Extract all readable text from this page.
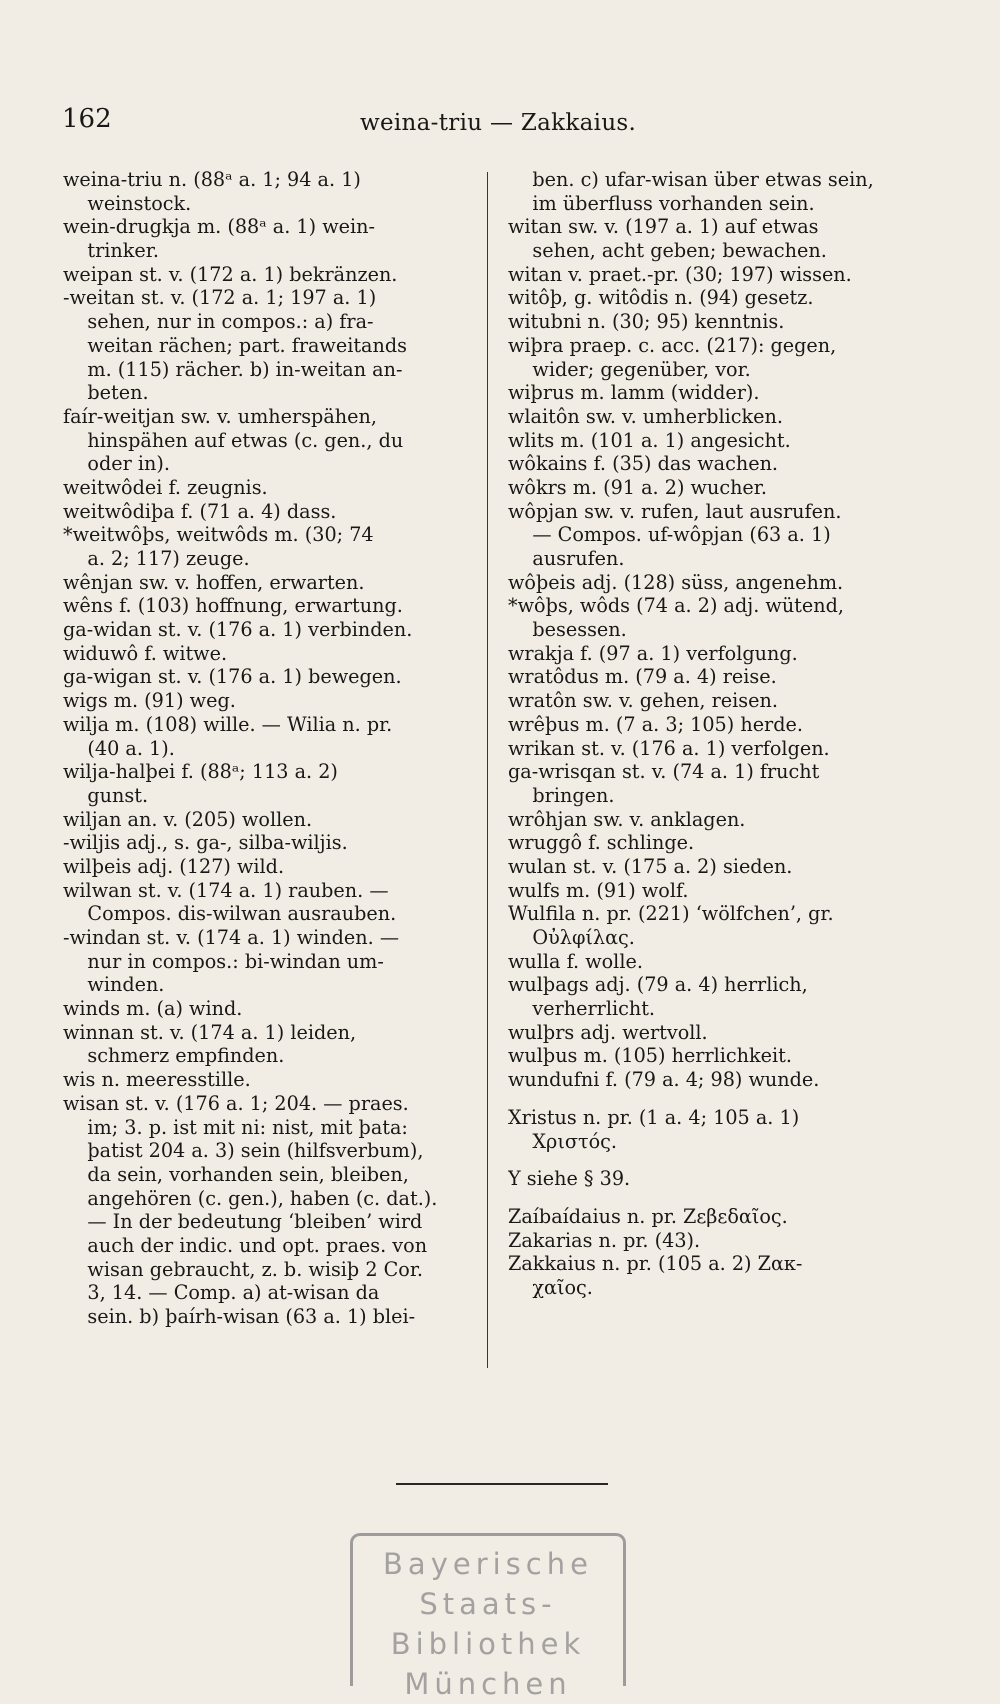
162	weina-triu — Zakkaius.
weina-triu n. (88ᵃ a. 1; 94 a. 1)
weinstock.
wein-drugkja m. (88ᵃ a. 1) wein-
trinker.
weipan st. v. (172 a. 1) bekränzen.
-weitan st. v. (172 a. 1; 197 a. 1)
sehen, nur in compos.: a) fra-
weitan rächen; part. fraweitands
m. (115) rächer. b) in-weitan an-
beten.
faír-weitjan sw. v. umherspähen,
hinspähen auf etwas (c. gen., du
oder in).
weitwôdei f. zeugnis.
weitwôdiþa f. (71 a. 4) dass.
*weitwôþs, weitwôds m. (30; 74
a. 2; 117) zeuge.
wênjan sw. v. hoffen, erwarten.
wêns f. (103) hoffnung, erwartung.
ga-widan st. v. (176 a. 1) verbinden.
widuwô f. witwe.
ga-wigan st. v. (176 a. 1) bewegen.
wigs m. (91) weg.
wilja m. (108) wille. — Wilia n. pr.
(40 a. 1).
wilja-halþei f. (88ᵃ; 113 a. 2)
gunst.
wiljan an. v. (205) wollen.
-wiljis adj., s. ga-, silba-wiljis.
wilþeis adj. (127) wild.
wilwan st. v. (174 a. 1) rauben. —
Compos. dis-wilwan ausrauben.
-windan st. v. (174 a. 1) winden. —
nur in compos.: bi-windan um-
winden.
winds m. (a) wind.
winnan st. v. (174 a. 1) leiden,
schmerz empfinden.
wis n. meeresstille.
wisan st. v. (176 a. 1; 204. — praes.
im; 3. p. ist mit ni: nist, mit þata:
þatist 204 a. 3) sein (hilfsverbum),
da sein, vorhanden sein, bleiben,
angehören (c. gen.), haben (c. dat.).
— In der bedeutung ‘bleiben’ wird
auch der indic. und opt. praes. von
wisan gebraucht, z. b. wisiþ 2 Cor.
3, 14. — Comp. a) at-wisan da
sein. b) þaírh-wisan (63 a. 1) blei-
ben. c) ufar-wisan über etwas sein,
im überfluss vorhanden sein.
witan sw. v. (197 a. 1) auf etwas
sehen, acht geben; bewachen.
witan v. praet.-pr. (30; 197) wissen.
witôþ, g. witôdis n. (94) gesetz.
witubni n. (30; 95) kenntnis.
wiþra praep. c. acc. (217): gegen,
wider; gegenüber, vor.
wiþrus m. lamm (widder).
wlaitôn sw. v. umherblicken.
wlits m. (101 a. 1) angesicht.
wôkains f. (35) das wachen.
wôkrs m. (91 a. 2) wucher.
wôpjan sw. v. rufen, laut ausrufen.
— Compos. uf-wôpjan (63 a. 1)
ausrufen.
wôþeis adj. (128) süss, angenehm.
*wôþs, wôds (74 a. 2) adj. wütend,
besessen.
wrakja f. (97 a. 1) verfolgung.
wratôdus m. (79 a. 4) reise.
wratôn sw. v. gehen, reisen.
wrêþus m. (7 a. 3; 105) herde.
wrikan st. v. (176 a. 1) verfolgen.
ga-wrisqan st. v. (74 a. 1) frucht
bringen.
wrôhjan sw. v. anklagen.
wruggô f. schlinge.
wulan st. v. (175 a. 2) sieden.
wulfs m. (91) wolf.
Wulfila n. pr. (221) ‘wölfchen’, gr.
Οὐλφίλας.
wulla f. wolle.
wulþags adj. (79 a. 4) herrlich,
verherrlicht.
wulþrs adj. wertvoll.
wulþus m. (105) herrlichkeit.
wundufni f. (79 a. 4; 98) wunde.
Xristus n. pr. (1 a. 4; 105 a. 1)
Χριστός.
Y siehe § 39.
Zaíbaídaius n. pr. Ζεβεδαῖος.
Zakarias n. pr. (43).
Zakkaius n. pr. (105 a. 2) Ζακ-
χαῖος.
Bayerische
Staats-
Bibliothek
München
